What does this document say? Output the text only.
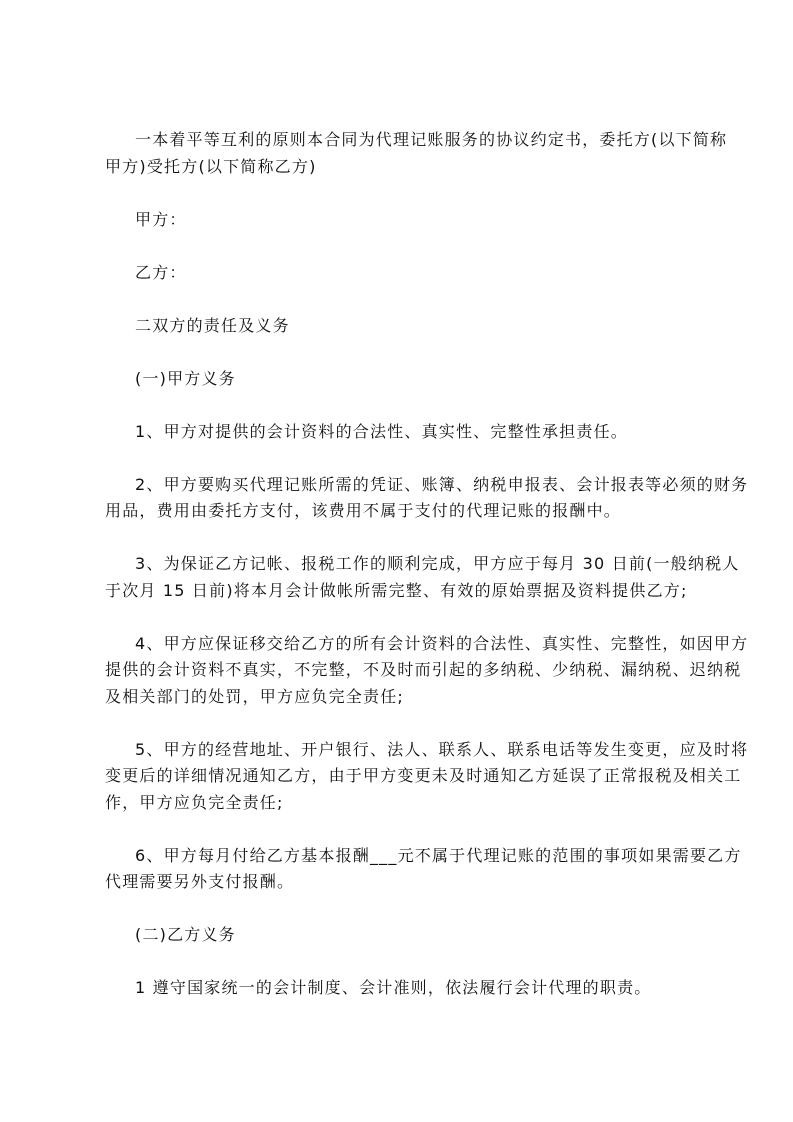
一本着平等互利的原则本合同为代理记账服务的协议约定书，委托方(以下简称
甲方)受托方(以下简称乙方)
甲方：
乙方：
二双方的责任及义务
(一)甲方义务
1、甲方对提供的会计资料的合法性、真实性、完整性承担责任。
2、甲方要购买代理记账所需的凭证、账簿、纳税申报表、会计报表等必须的财务
用品，费用由委托方支付，该费用不属于支付的代理记账的报酬中。
3、为保证乙方记帐、报税工作的顺利完成，甲方应于每月 30 日前(一般纳税人
于次月 15 日前)将本月会计做帐所需完整、有效的原始票据及资料提供乙方;
4、甲方应保证移交给乙方的所有会计资料的合法性、真实性、完整性，如因甲方
提供的会计资料不真实，不完整，不及时而引起的多纳税、少纳税、漏纳税、迟纳税
及相关部门的处罚，甲方应负完全责任;
5、甲方的经营地址、开户银行、法人、联系人、联系电话等发生变更，应及时将
变更后的详细情况通知乙方，由于甲方变更未及时通知乙方延误了正常报税及相关工
作，甲方应负完全责任;
6、甲方每月付给乙方基本报酬___元不属于代理记账的范围的事项如果需要乙方
代理需要另外支付报酬。
(二)乙方义务
1 遵守国家统一的会计制度、会计准则，依法履行会计代理的职责。
